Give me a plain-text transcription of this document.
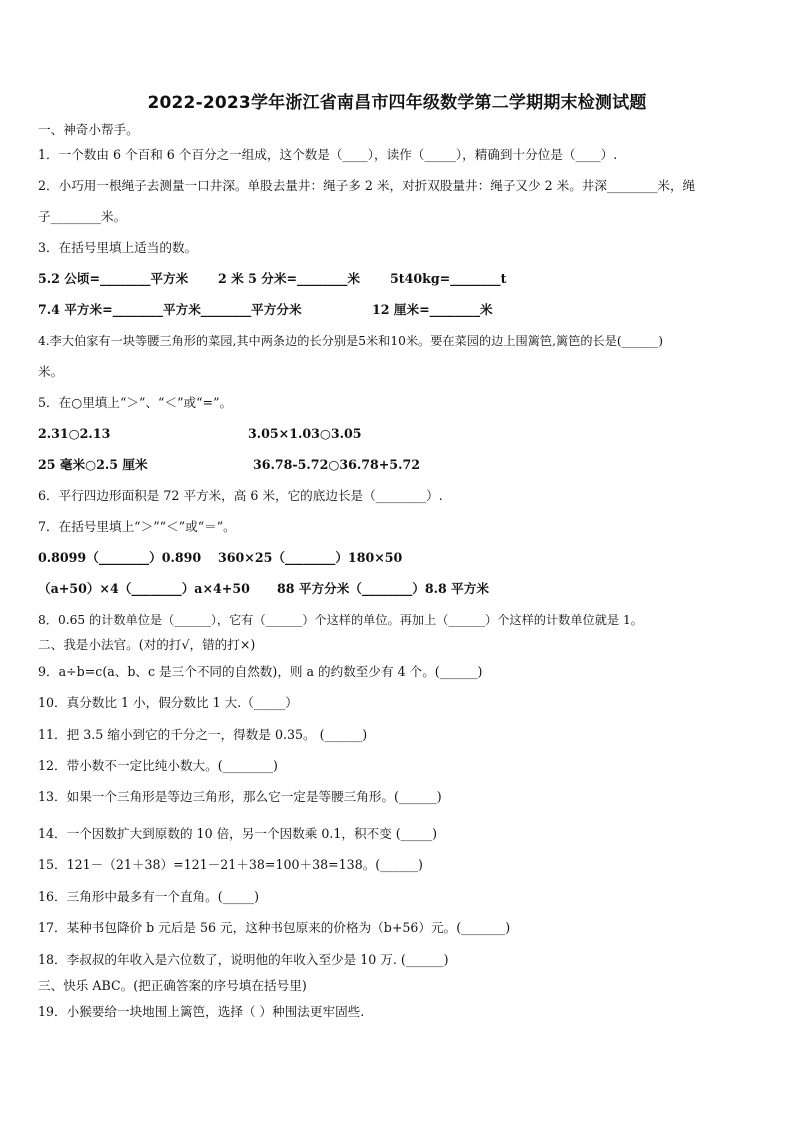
2022-2023学年浙江省南昌市四年级数学第二学期期末检测试题
一、神奇小帮手。
1．一个数由 6 个百和 6 个百分之一组成，这个数是（____），读作（_____），精确到十分位是（____）.
2．小巧用一根绳子去测量一口井深。单股去量井：绳子多 2 米，对折双股量井：绳子又少 2 米。井深________米，绳
子________米。
3．在括号里填上适当的数。
5.2 公顷=________平方米 2 米 5 分米=________米 5t40kg=________t
7.4 平方米=________平方米________平方分米	12 厘米=________米
4.李大伯家有一块等腰三角形的菜园,其中两条边的长分别是5米和10米。要在菜园的边上围篱笆,篱笆的长是(______)
米。
5．在○里填上“＞”、“＜”或“=”。
2.31○2.13	3.05×1.03○3.05
25 毫米○2.5 厘米	36.78-5.72○36.78+5.72
6．平行四边形面积是 72 平方米，高 6 米，它的底边长是（________）.
7．在括号里填上“＞”“＜”或“＝”。
0.8099（________）0.890 360×25（________）180×50
（a+50）×4（________）a×4+50 88 平方分米（________）8.8 平方米
8．0.65 的计数单位是（______），它有（______）个这样的单位。再加上（______）个这样的计数单位就是 1。
二、我是小法官。(对的打√，错的打×)
9．a÷b=c(a、b、c 是三个不同的自然数)，则 a 的约数至少有 4 个。(______)
10．真分数比 1 小，假分数比 1 大.（_____）
11．把 3.5 缩小到它的千分之一，得数是 0.35。 (______)
12．带小数不一定比纯小数大。(________)
13．如果一个三角形是等边三角形，那么它一定是等腰三角形。(______)
14．一个因数扩大到原数的 10 倍，另一个因数乘 0.1，积不变 (_____)
15．121－（21＋38）=121－21＋38=100＋38=138。(______)
16．三角形中最多有一个直角。(_____)
17．某种书包降价 b 元后是 56 元，这种书包原来的价格为（b+56）元。(_______)
18．李叔叔的年收入是六位数了，说明他的年收入至少是 10 万. (______)
三、快乐 ABC。(把正确答案的序号填在括号里)
19．小猴要给一块地围上篱笆，选择（ ）种围法更牢固些.
